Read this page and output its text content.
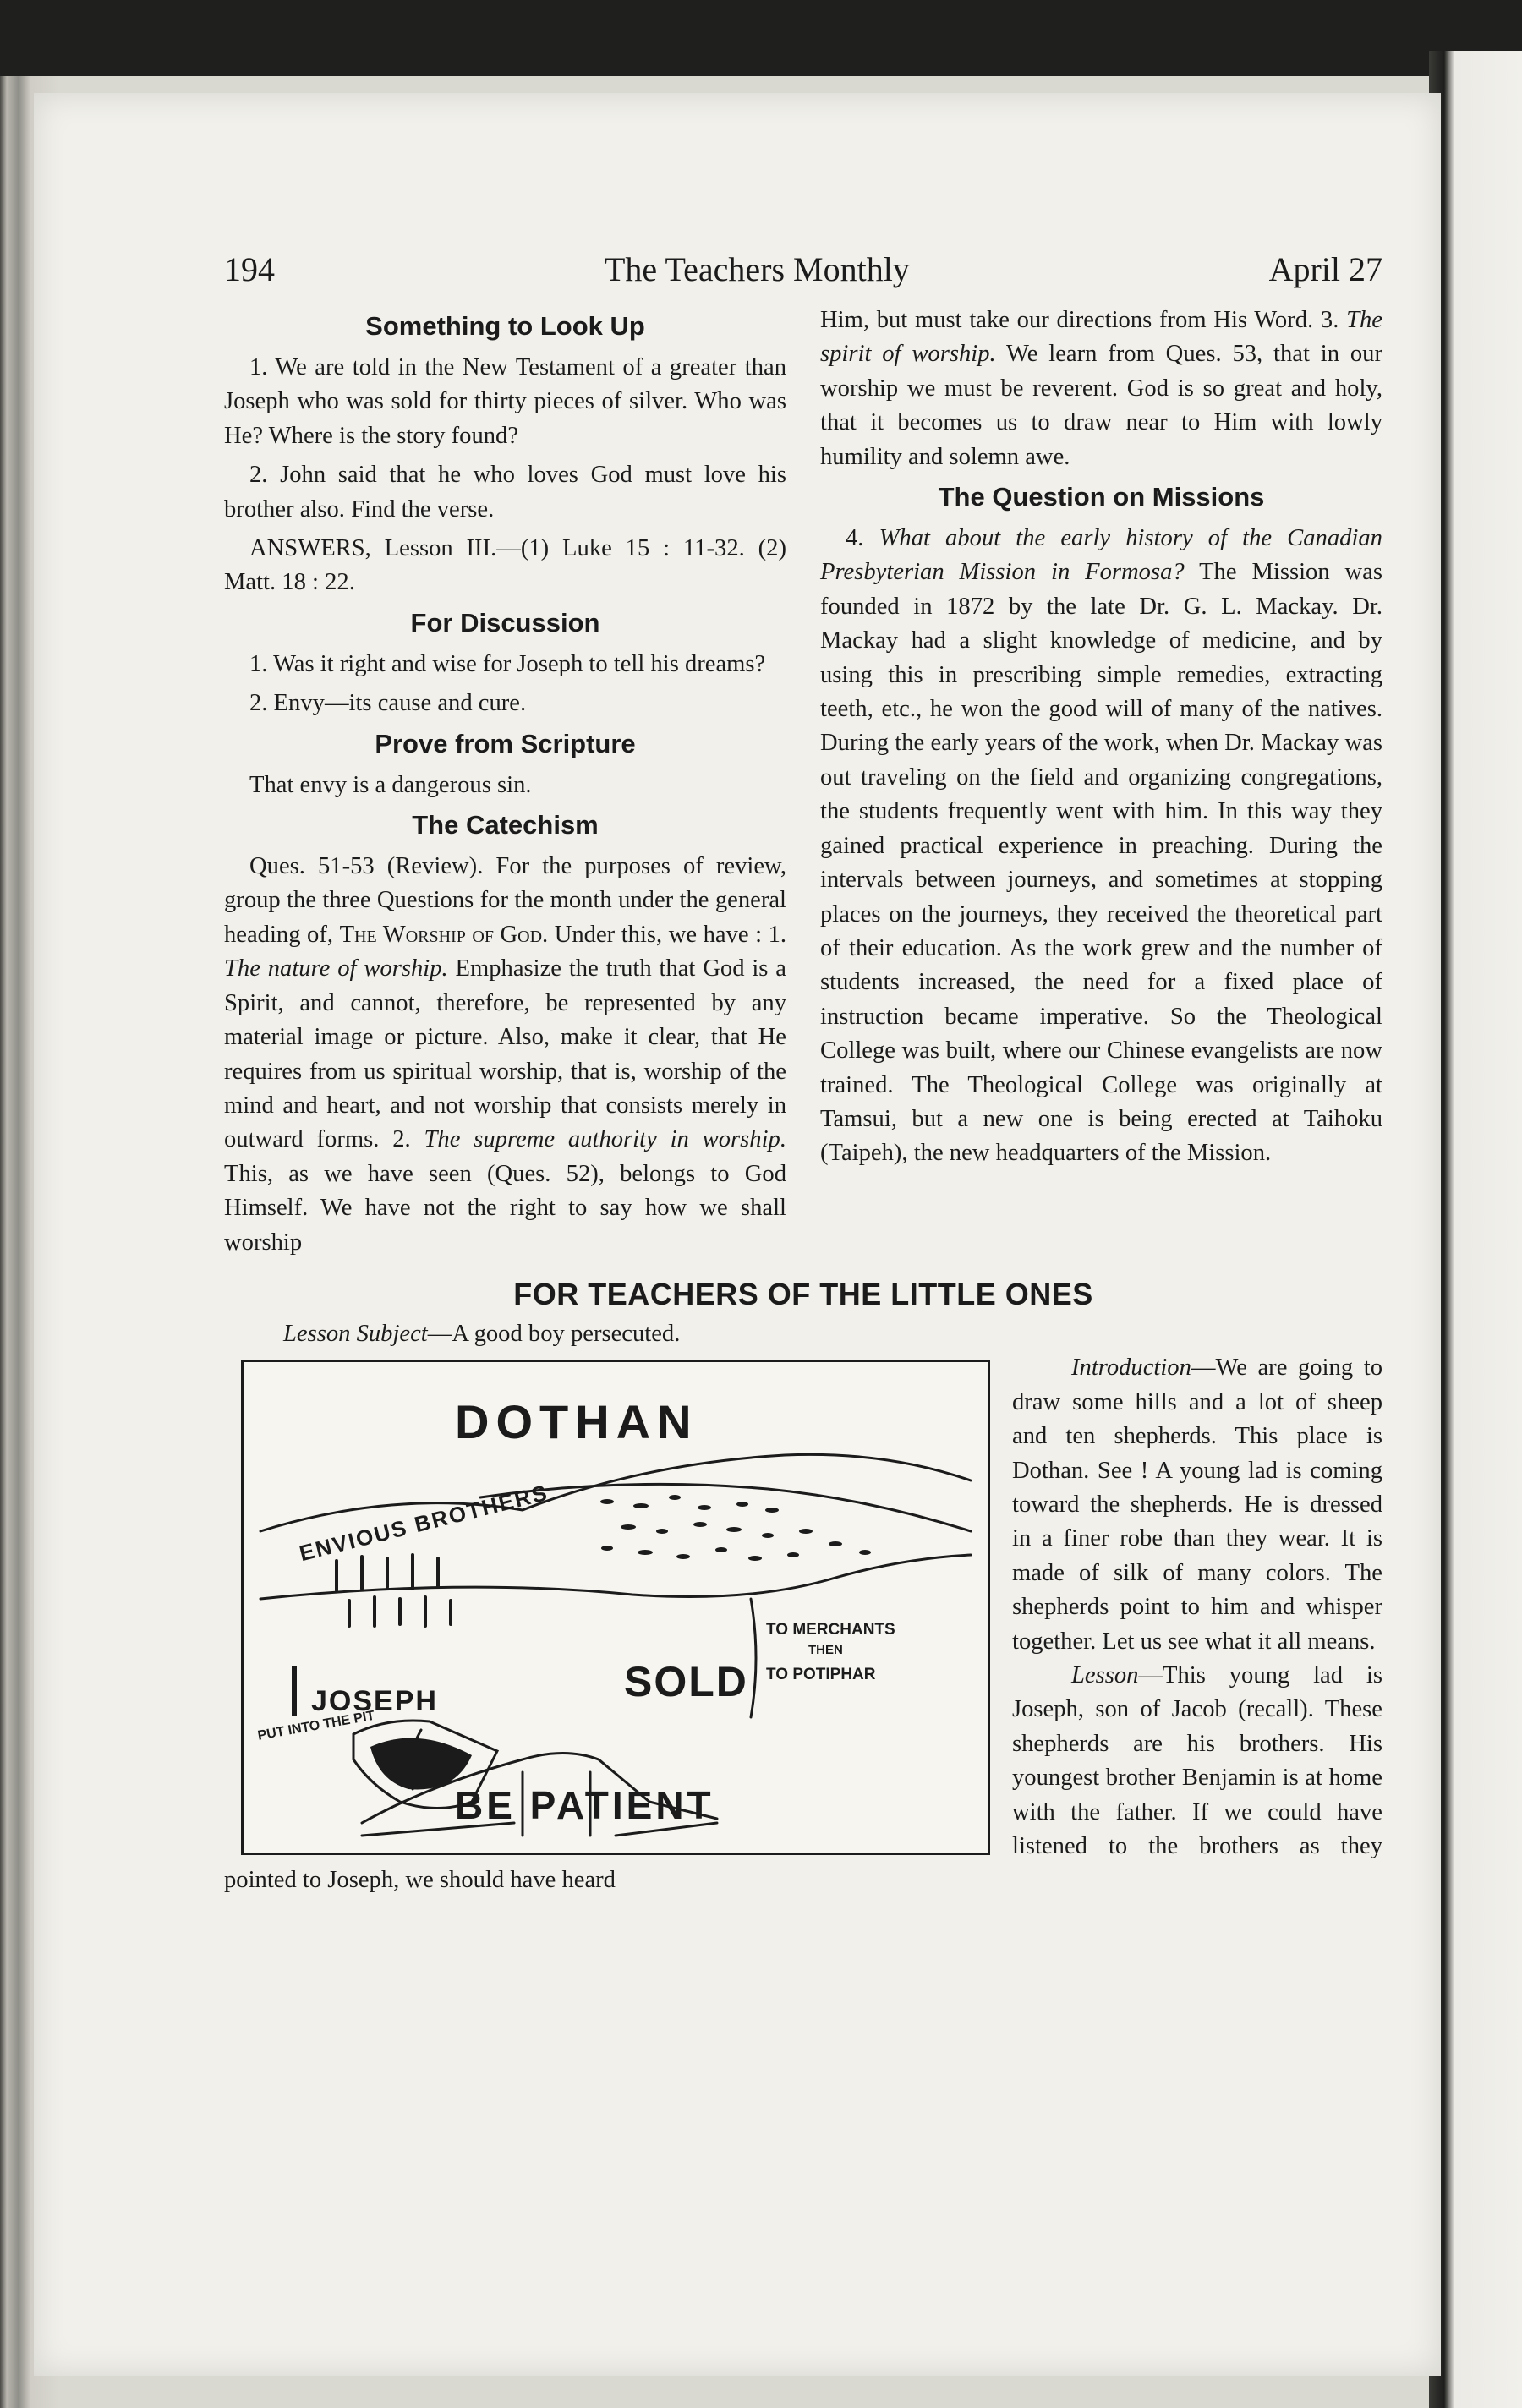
194	The Teachers Monthly	April 27
Something to Look Up

1. We are told in the New Testament of a greater than Joseph who was sold for thirty pieces of silver. Who was He? Where is the story found?

2. John said that he who loves God must love his brother also. Find the verse.

ANSWERS, Lesson III.—(1) Luke 15 : 11-32. (2) Matt. 18 : 22.

For Discussion

1. Was it right and wise for Joseph to tell his dreams?

2. Envy—its cause and cure.

Prove from Scripture

That envy is a dangerous sin.

The Catechism

Ques. 51-53 (Review). For the purposes of review, group the three Questions for the month under the general heading of, The Worship of God. Under this, we have : 1. The nature of worship. Emphasize the truth that God is a Spirit, and cannot, therefore, be represented by any material image or picture. Also, make it clear, that He requires from us spiritual worship, that is, worship of the mind and heart, and not worship that consists merely in outward forms. 2. The supreme authority in worship. This, as we have seen (Ques. 52), belongs to God Himself. We have not the right to say how we shall worship

Him, but must take our directions from His Word. 3. The spirit of worship. We learn from Ques. 53, that in our worship we must be reverent. God is so great and holy, that it becomes us to draw near to Him with lowly humility and solemn awe.

The Question on Missions

4. What about the early history of the Canadian Presbyterian Mission in Formosa? The Mission was founded in 1872 by the late Dr. G. L. Mackay. Dr. Mackay had a slight knowledge of medicine, and by using this in prescribing simple remedies, extracting teeth, etc., he won the good will of many of the natives. During the early years of the work, when Dr. Mackay was out traveling on the field and organizing congregations, the students frequently went with him. In this way they gained practical experience in preaching. During the intervals between journeys, and sometimes at stopping places on the journeys, they received the theoretical part of their education. As the work grew and the number of students increased, the need for a fixed place of instruction became imperative. So the Theological College was built, where our Chinese evangelists are now trained. The Theological College was originally at Tamsui, but a new one is being erected at Taihoku (Taipeh), the new headquarters of the Mission.

FOR TEACHERS OF THE LITTLE ONES

Lesson Subject—A good boy persecuted.

DOTHAN
ENVIOUS BROTHERS
JOSEPH
PUT INTO THE PIT
SOLD
TO MERCHANTS
THEN
TO POTIPHAR
BE PATIENT

Introduction—We are going to draw some hills and a lot of sheep and ten shepherds. This place is Dothan. See ! A young lad is coming toward the shepherds. He is dressed in a finer robe than they wear. It is made of silk of many colors. The shepherds point to him and whisper together. Let us see what it all means.

Lesson—This young lad is Joseph, son of Jacob (recall). These shepherds are his brothers. His youngest brother Benjamin is at home with the father. If we could have listened to the brothers as they pointed to Joseph, we should have heard
